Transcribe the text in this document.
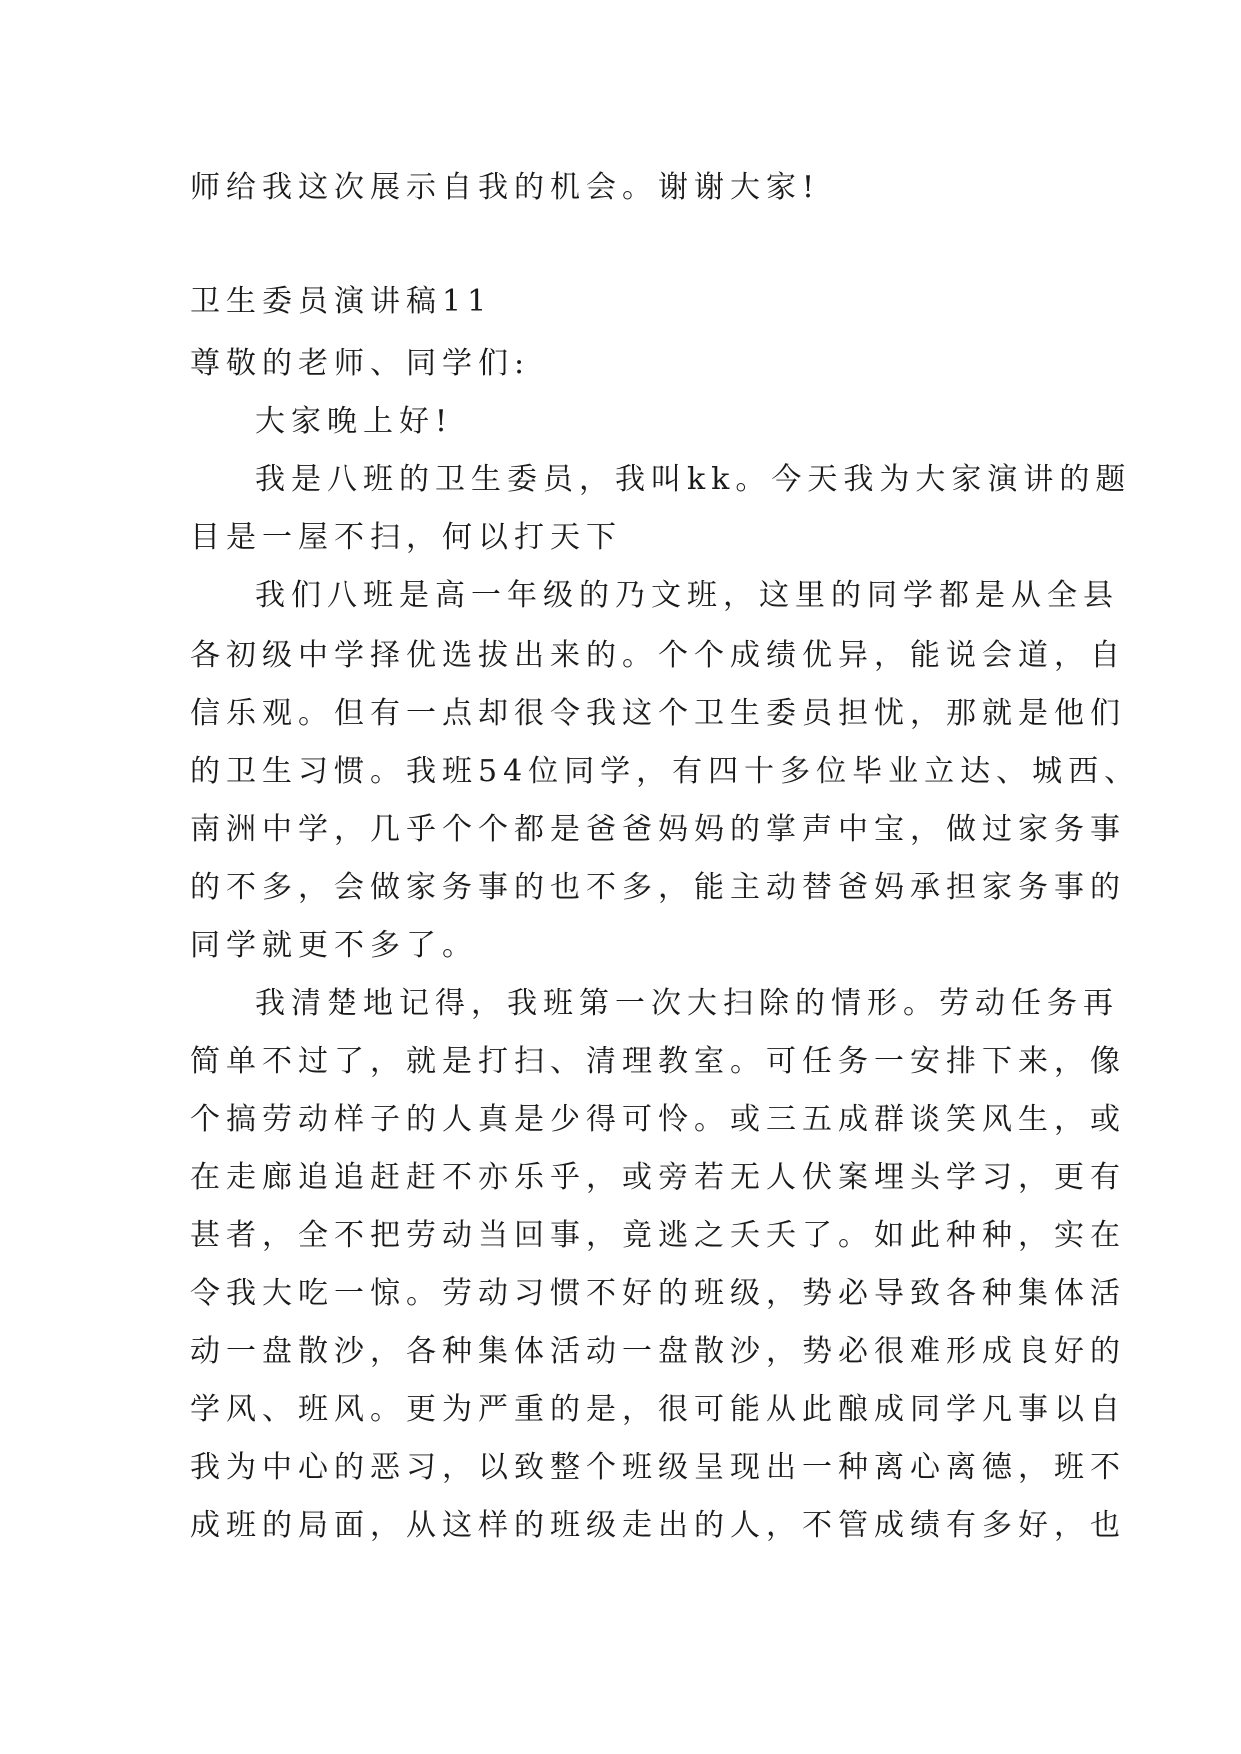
师给我这次展示自我的机会。谢谢大家!
卫生委员演讲稿11
尊敬的老师、同学们:
大家晚上好!
我是八班的卫生委员，我叫kk。今天我为大家演讲的题
目是一屋不扫，何以打天下
我们八班是高一年级的乃文班，这里的同学都是从全县
各初级中学择优选拔出来的。个个成绩优异，能说会道，自
信乐观。但有一点却很令我这个卫生委员担忧，那就是他们
的卫生习惯。我班54位同学，有四十多位毕业立达、城西、
南洲中学，几乎个个都是爸爸妈妈的掌声中宝，做过家务事
的不多，会做家务事的也不多，能主动替爸妈承担家务事的
同学就更不多了。
我清楚地记得，我班第一次大扫除的情形。劳动任务再
简单不过了，就是打扫、清理教室。可任务一安排下来，像
个搞劳动样子的人真是少得可怜。或三五成群谈笑风生，或
在走廊追追赶赶不亦乐乎，或旁若无人伏案埋头学习，更有
甚者，全不把劳动当回事，竟逃之夭夭了。如此种种，实在
令我大吃一惊。劳动习惯不好的班级，势必导致各种集体活
动一盘散沙，各种集体活动一盘散沙，势必很难形成良好的
学风、班风。更为严重的是，很可能从此酿成同学凡事以自
我为中心的恶习，以致整个班级呈现出一种离心离德，班不
成班的局面，从这样的班级走出的人，不管成绩有多好，也
